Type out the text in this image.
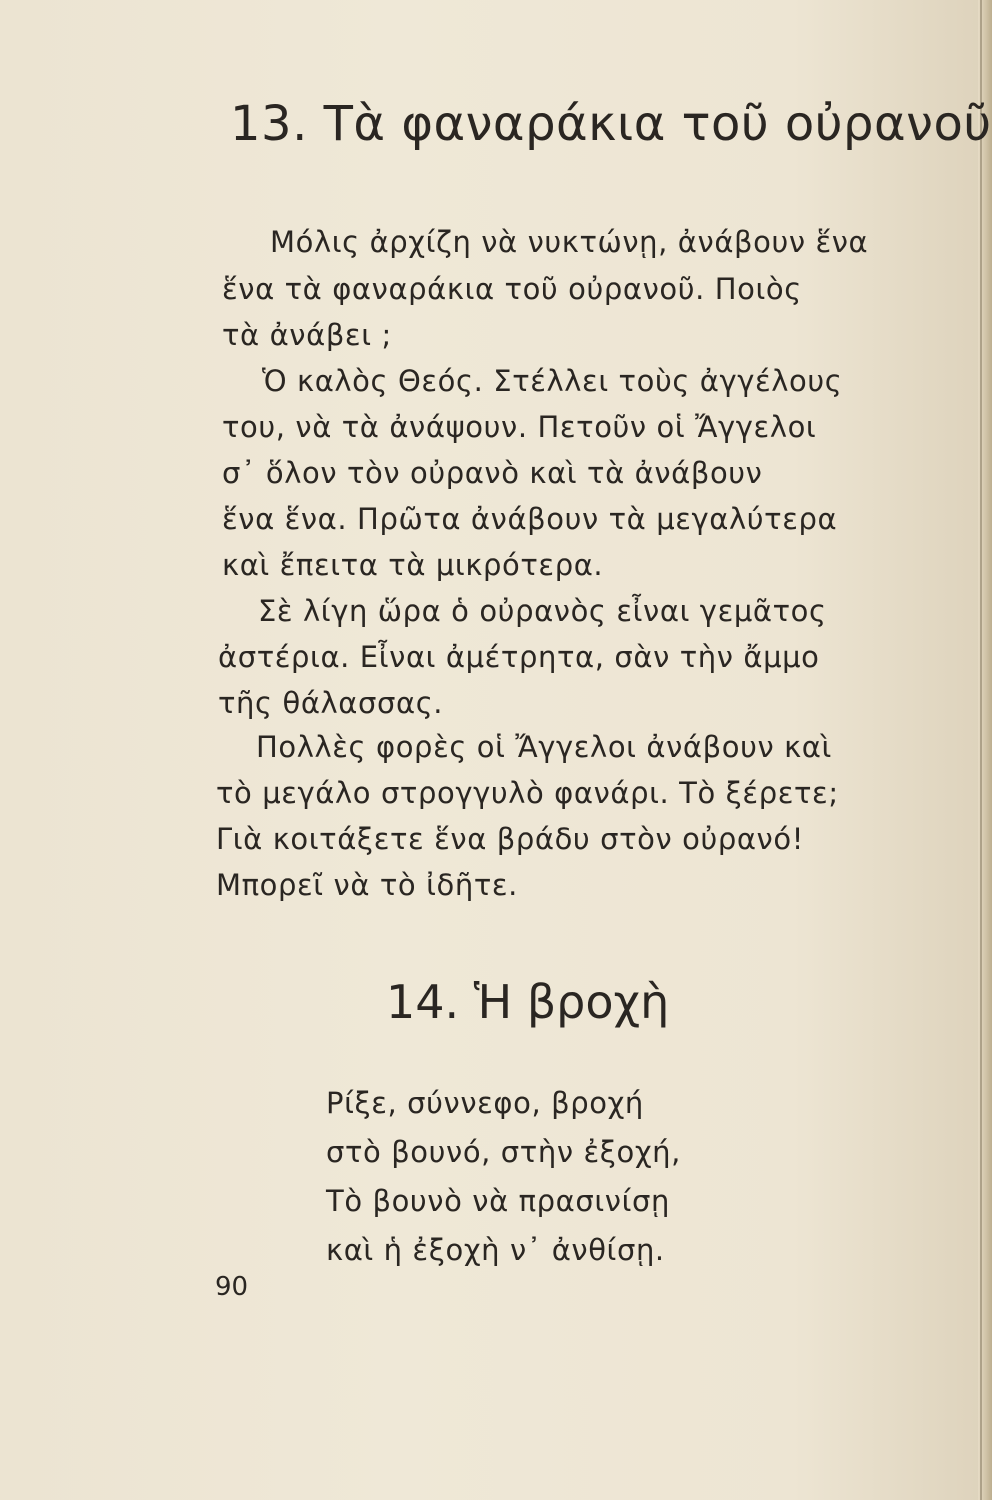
13. Τὰ φαναράκια τοῦ οὐρανοῦ

Μόλις ἀρχίζη νὰ νυκτώνῃ, ἀνάβουν ἕνα

ἕνα τὰ φαναράκια τοῦ οὐρανοῦ. Ποιὸς

τὰ ἀνάβει ;

Ὁ καλὸς Θεός. Στέλλει τοὺς ἀγγέλους

του, νὰ τὰ ἀνάψουν. Πετοῦν οἱ Ἄγγελοι

σ᾽ ὅλον τὸν οὐρανὸ καὶ τὰ ἀνάβουν

ἕνα ἕνα. Πρῶτα ἀνάβουν τὰ μεγαλύτερα

καὶ ἔπειτα τὰ μικρότερα.

Σὲ λίγη ὥρα ὁ οὐρανὸς εἶναι γεμᾶτος

ἀστέρια. Εἶναι ἀμέτρητα, σὰν τὴν ἄμμο

τῆς θάλασσας.

Πολλὲς φορὲς οἱ Ἄγγελοι ἀνάβουν καὶ

τὸ μεγάλο στρογγυλὸ φανάρι. Τὸ ξέρετε;

Γιὰ κοιτάξετε ἕνα βράδυ στὸν οὐρανό!

Μπορεῖ νὰ τὸ ἰδῆτε.

14. Ἡ βροχὴ

Ρίξε, σύννεφο, βροχή

στὸ βουνό, στὴν ἐξοχή,

Τὸ βουνὸ νὰ πρασινίσῃ

καὶ ἡ ἐξοχὴ ν᾽ ἀνθίσῃ.

90
